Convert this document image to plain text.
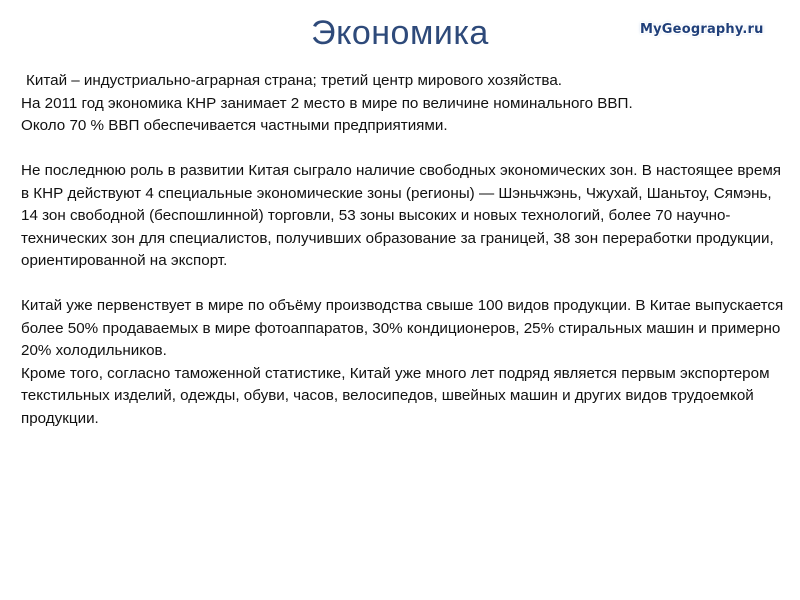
Экономика	MyGeography.ru

Китай – индустриально-аграрная страна; третий центр мирового хозяйства.

На 2011 год экономика КНР занимает 2 место в мире по величине номинального ВВП.

Около 70 % ВВП обеспечивается частными предприятиями.

Не последнюю роль в развитии Китая сыграло наличие свободных экономических зон. В настоящее время в КНР действуют 4 специальные экономические зоны (регионы) — Шэньчжэнь, Чжухай, Шаньтоу, Сямэнь, 14 зон свободной (беспошлинной) торговли, 53 зоны высоких и новых технологий, более 70 научно-технических зон для специалистов, получивших образование за границей, 38 зон переработки продукции, ориентированной на экспорт.

Китай уже первенствует в мире по объёму производства свыше 100 видов продукции. В Китае выпускается более 50% продаваемых в мире фотоаппаратов, 30% кондиционеров, 25% стиральных машин и примерно 20% холодильников.

Кроме того, согласно таможенной статистике, Китай уже много лет подряд является первым экспортером текстильных изделий, одежды, обуви, часов, велосипедов, швейных машин и других видов трудоемкой продукции.
